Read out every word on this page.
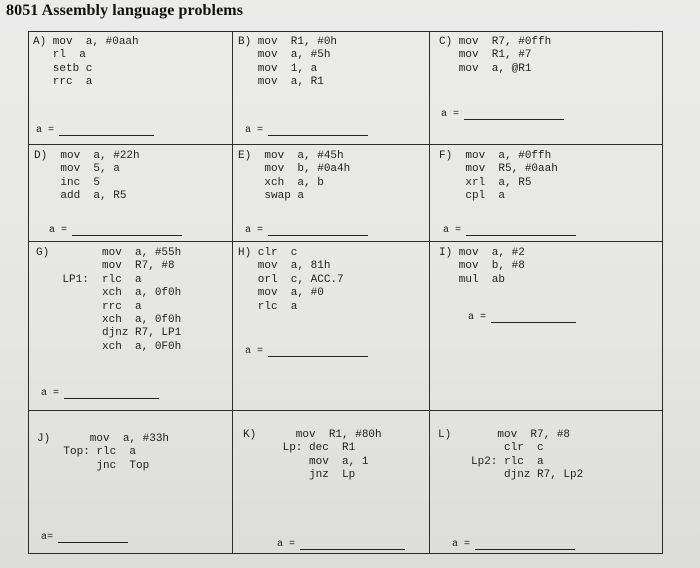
8051 Assembly language problems
A) mov  a, #0aah
rl  a
setb c
rrc  a
a =
B) mov  R1, #0h
mov  a, #5h
mov  1, a
mov  a, R1
a =
C) mov  R7, #0ffh
mov  R1, #7
mov  a, @R1
a =
D)  mov  a, #22h
mov  5, a
inc  5
add  a, R5
a =
E)  mov  a, #45h
mov  b, #0a4h
xch  a, b
swap a
a =
F)  mov  a, #0ffh
mov  R5, #0aah
xrl  a, R5
cpl  a
a =
G)        mov  a, #55h
mov  R7, #8
LP1:  rlc  a
xch  a, 0f0h
rrc  a
xch  a, 0f0h
djnz R7, LP1
xch  a, 0F0h
a =
H) clr  c
mov  a, 81h
orl  c, ACC.7
mov  a, #0
rlc  a
a =
I) mov  a, #2
mov  b, #8
mul  ab
a =
J)      mov  a, #33h
Top: rlc  a
jnc  Top
a=
K)      mov  R1, #80h
Lp: dec  R1
mov  a, 1
jnz  Lp
a =
L)       mov  R7, #8
clr  c
Lp2: rlc  a
djnz R7, Lp2
a =
